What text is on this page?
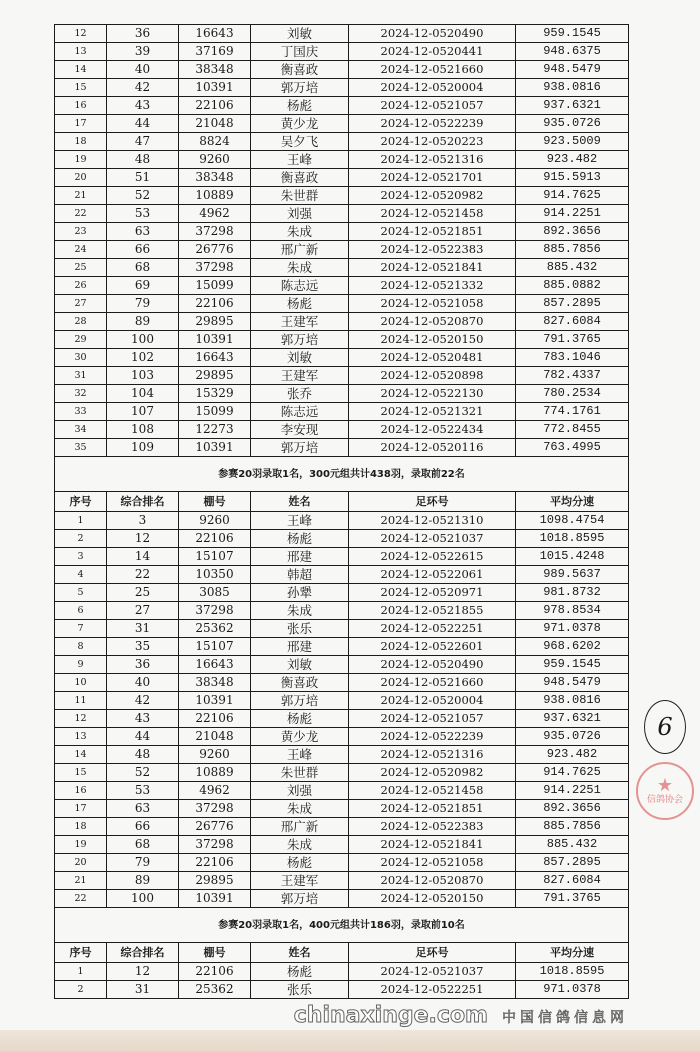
12	36	16643	刘敏	2024-12-0520490	959.1545
13	39	37169	丁国庆	2024-12-0520441	948.6375
14	40	38348	衡喜政	2024-12-0521660	948.5479
15	42	10391	郭万培	2024-12-0520004	938.0816
16	43	22106	杨彪	2024-12-0521057	937.6321
17	44	21048	黄少龙	2024-12-0522239	935.0726
18	47	8824	吴夕飞	2024-12-0520223	923.5009
19	48	9260	王峰	2024-12-0521316	923.482
20	51	38348	衡喜政	2024-12-0521701	915.5913
21	52	10889	朱世群	2024-12-0520982	914.7625
22	53	4962	刘强	2024-12-0521458	914.2251
23	63	37298	朱成	2024-12-0521851	892.3656
24	66	26776	邢广新	2024-12-0522383	885.7856
25	68	37298	朱成	2024-12-0521841	885.432
26	69	15099	陈志远	2024-12-0521332	885.0882
27	79	22106	杨彪	2024-12-0521058	857.2895
28	89	29895	王建军	2024-12-0520870	827.6084
29	100	10391	郭万培	2024-12-0520150	791.3765
30	102	16643	刘敏	2024-12-0520481	783.1046
31	103	29895	王建军	2024-12-0520898	782.4337
32	104	15329	张乔	2024-12-0522130	780.2534
33	107	15099	陈志远	2024-12-0521321	774.1761
34	108	12273	李安现	2024-12-0522434	772.8455
35	109	10391	郭万培	2024-12-0520116	763.4995
参赛20羽录取1名，300元组共计438羽，录取前22名					
序号	综合排名	棚号	姓名	足环号	平均分速
1	3	9260	王峰	2024-12-0521310	1098.4754
2	12	22106	杨彪	2024-12-0521037	1018.8595
3	14	15107	邢建	2024-12-0522615	1015.4248
4	22	10350	韩超	2024-12-0522061	989.5637
5	25	3085	孙犟	2024-12-0520971	981.8732
6	27	37298	朱成	2024-12-0521855	978.8534
7	31	25362	张乐	2024-12-0522251	971.0378
8	35	15107	邢建	2024-12-0522601	968.6202
9	36	16643	刘敏	2024-12-0520490	959.1545
10	40	38348	衡喜政	2024-12-0521660	948.5479
11	42	10391	郭万培	2024-12-0520004	938.0816
12	43	22106	杨彪	2024-12-0521057	937.6321
13	44	21048	黄少龙	2024-12-0522239	935.0726
14	48	9260	王峰	2024-12-0521316	923.482
15	52	10889	朱世群	2024-12-0520982	914.7625
16	53	4962	刘强	2024-12-0521458	914.2251
17	63	37298	朱成	2024-12-0521851	892.3656
18	66	26776	邢广新	2024-12-0522383	885.7856
19	68	37298	朱成	2024-12-0521841	885.432
20	79	22106	杨彪	2024-12-0521058	857.2895
21	89	29895	王建军	2024-12-0520870	827.6084
22	100	10391	郭万培	2024-12-0520150	791.3765
参赛20羽录取1名，400元组共计186羽，录取前10名					
序号	综合排名	棚号	姓名	足环号	平均分速
1	12	22106	杨彪	2024-12-0521037	1018.8595
2	31	25362	张乐	2024-12-0522251	971.0378
6
★
信鸽协会
chinaxinge.com 中国信鸽信息网
